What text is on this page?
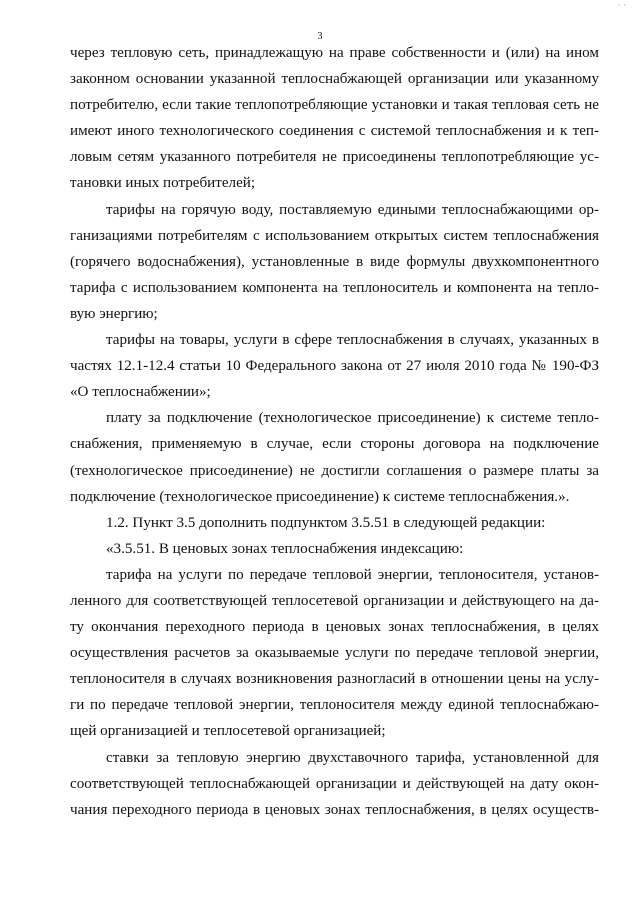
· ·
3
через тепловую сеть, принадлежащую на праве собственности и (или) на ином
законном основании указанной теплоснабжающей организации или указанному
потребителю, если такие теплопотребляющие установки и такая тепловая сеть не
имеют иного технологического соединения с системой теплоснабжения и к теп-
ловым сетям указанного потребителя не присоединены теплопотребляющие ус-
тановки иных потребителей;
тарифы на горячую воду, поставляемую едиными теплоснабжающими ор-
ганизациями потребителям с использованием открытых систем теплоснабжения
(горячего водоснабжения), установленные в виде формулы двухкомпонентного
тарифа с использованием компонента на теплоноситель и компонента на тепло-
вую энергию;
тарифы на товары, услуги в сфере теплоснабжения в случаях, указанных в
частях 12.1-12.4 статьи 10 Федерального закона от 27 июля 2010 года № 190-ФЗ
«О теплоснабжении»;
плату за подключение (технологическое присоединение) к системе тепло-
снабжения, применяемую в случае, если стороны договора на подключение
(технологическое присоединение) не достигли соглашения о размере платы за
подключение (технологическое присоединение) к системе теплоснабжения.».
1.2. Пункт 3.5 дополнить подпунктом 3.5.51 в следующей редакции:
«3.5.51. В ценовых зонах теплоснабжения индексацию:
тарифа на услуги по передаче тепловой энергии, теплоносителя, установ-
ленного для соответствующей теплосетевой организации и действующего на да-
ту окончания переходного периода в ценовых зонах теплоснабжения, в целях
осуществления расчетов за оказываемые услуги по передаче тепловой энергии,
теплоносителя в случаях возникновения разногласий в отношении цены на услу-
ги по передаче тепловой энергии, теплоносителя между единой теплоснабжаю-
щей организацией и теплосетевой организацией;
ставки за тепловую энергию двухставочного тарифа, установленной для
соответствующей теплоснабжающей организации и действующей на дату окон-
чания переходного периода в ценовых зонах теплоснабжения, в целях осуществ-
